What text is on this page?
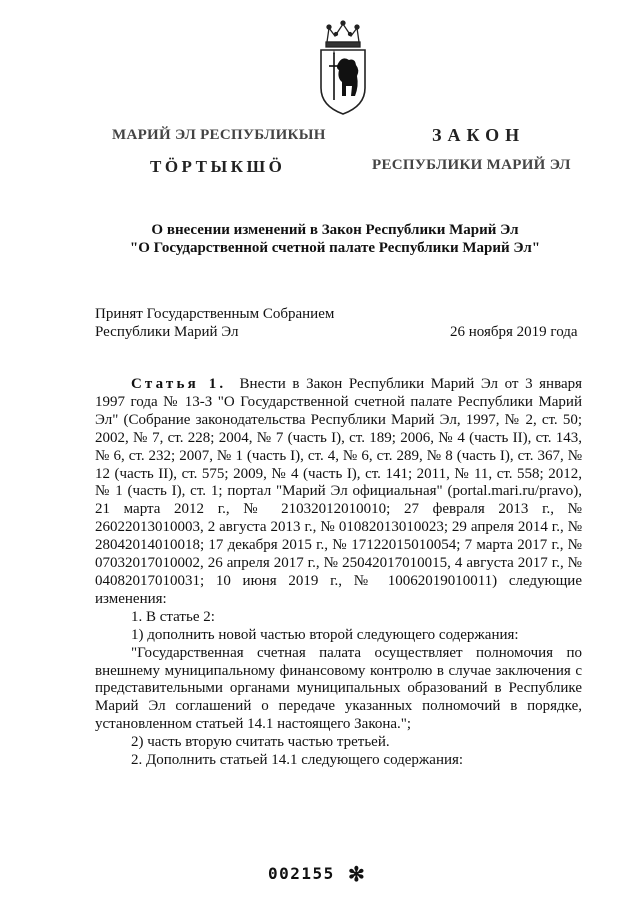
МАРИЙ ЭЛ РЕСПУБЛИКЫН
ТӦРТЫКШӦ
ЗАКОН
РЕСПУБЛИКИ МАРИЙ ЭЛ
О внесении изменений в Закон Республики Марий Эл
"О Государственной счетной палате Республики Марий Эл"
Принят Государственным Собранием
Республики Марий Эл	26 ноября 2019 года

Статья 1. Внести в Закон Республики Марий Эл от 3 января 1997 года № 13-З "О Государственной счетной палате Республики Марий Эл" (Собрание законодательства Республики Марий Эл, 1997, № 2, ст. 50; 2002, № 7, ст. 228; 2004, № 7 (часть I), ст. 189; 2006, № 4 (часть II), ст. 143, № 6, ст. 232; 2007, № 1 (часть I), ст. 4, № 6, ст. 289, № 8 (часть I), ст. 367, № 12 (часть II), ст. 575; 2009, № 4 (часть I), ст. 141; 2011, № 11, ст. 558; 2012, № 1 (часть I), ст. 1; портал "Марий Эл официальная" (portal.mari.ru/pravo), 21 марта 2012 г., № 21032012010010; 27 февраля 2013 г., № 26022013010003, 2 августа 2013 г., № 01082013010023; 29 апреля 2014 г., № 28042014010018; 17 декабря 2015 г., № 17122015010054; 7 марта 2017 г., № 07032017010002, 26 апреля 2017 г., № 25042017010015, 4 августа 2017 г., № 04082017010031; 10 июня 2019 г., № 10062019010011) следующие изменения:

1. В статье 2:

1) дополнить новой частью второй следующего содержания:

"Государственная счетная палата осуществляет полномочия по внешнему муниципальному финансовому контролю в случае заключения с представительными органами муниципальных образований в Республике Марий Эл соглашений о передаче указанных полномочий в порядке, установленном статьей 14.1 настоящего Закона.";

2) часть вторую считать частью третьей.

2. Дополнить статьей 14.1 следующего содержания:

002155 ✻
